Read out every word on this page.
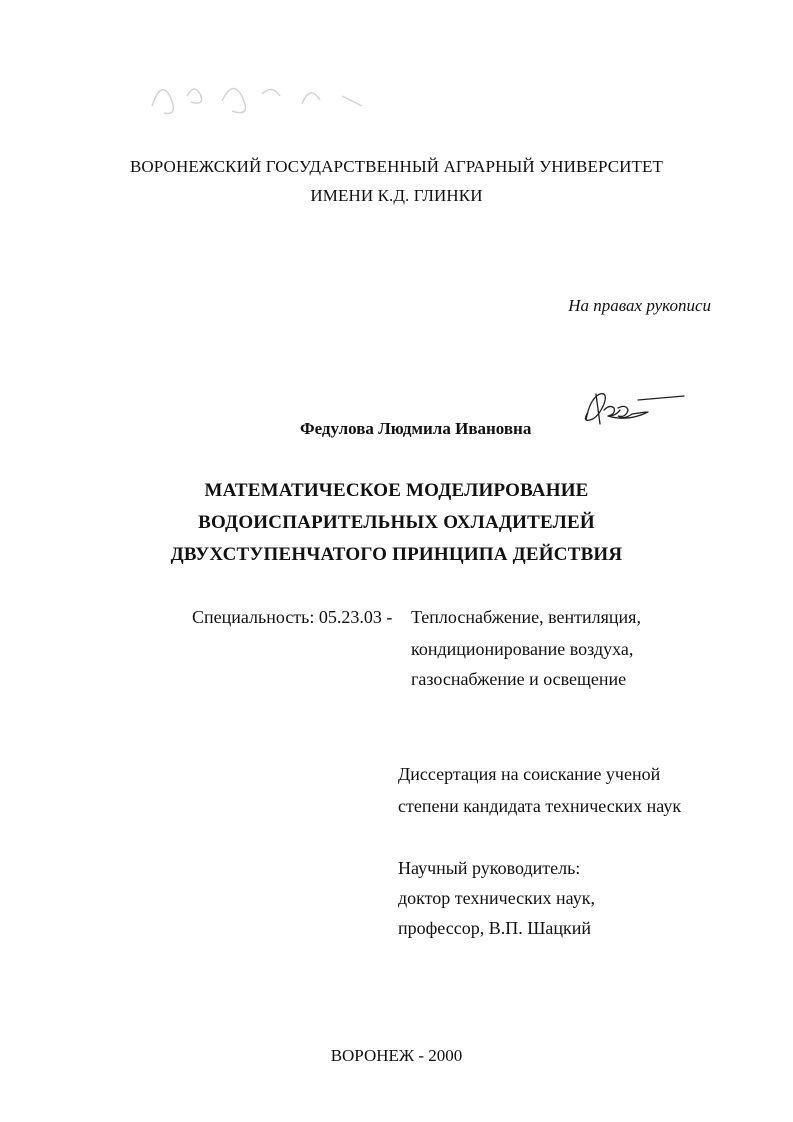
ВОРОНЕЖСКИЙ ГОСУДАРСТВЕННЫЙ АГРАРНЫЙ УНИВЕРСИТЕТ
ИМЕНИ К.Д. ГЛИНКИ
На правах рукописи
Федулова Людмила Ивановна
МАТЕМАТИЧЕСКОЕ МОДЕЛИРОВАНИЕ
ВОДОИСПАРИТЕЛЬНЫХ ОХЛАДИТЕЛЕЙ
ДВУХСТУПЕНЧАТОГО ПРИНЦИПА ДЕЙСТВИЯ
Специальность: 05.23.03 - Теплоснабжение, вентиляция,
кондиционирование воздуха,
газоснабжение и освещение
Диссертация на соискание ученой
степени кандидата технических наук
Научный руководитель:
доктор технических наук,
профессор, В.П. Шацкий
ВОРОНЕЖ - 2000
